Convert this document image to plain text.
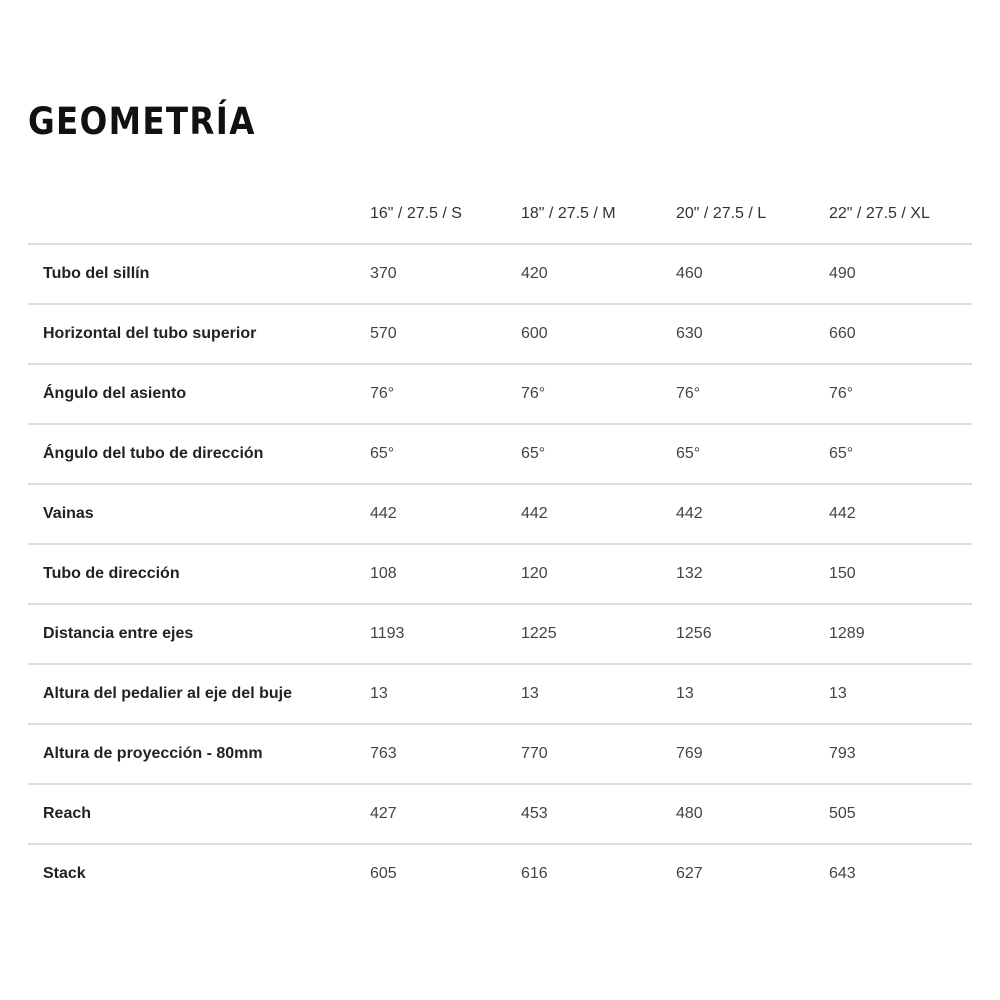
GEOMETRÍA
	16" / 27.5 / S	18" / 27.5 / M	20" / 27.5 / L	22" / 27.5 / XL
Tubo del sillín	370	420	460	490
Horizontal del tubo superior	570	600	630	660
Ángulo del asiento	76°	76°	76°	76°
Ángulo del tubo de dirección	65°	65°	65°	65°
Vainas	442	442	442	442
Tubo de dirección	108	120	132	150
Distancia entre ejes	1193	1225	1256	1289
Altura del pedalier al eje del buje	13	13	13	13
Altura de proyección - 80mm	763	770	769	793
Reach	427	453	480	505
Stack	605	616	627	643
